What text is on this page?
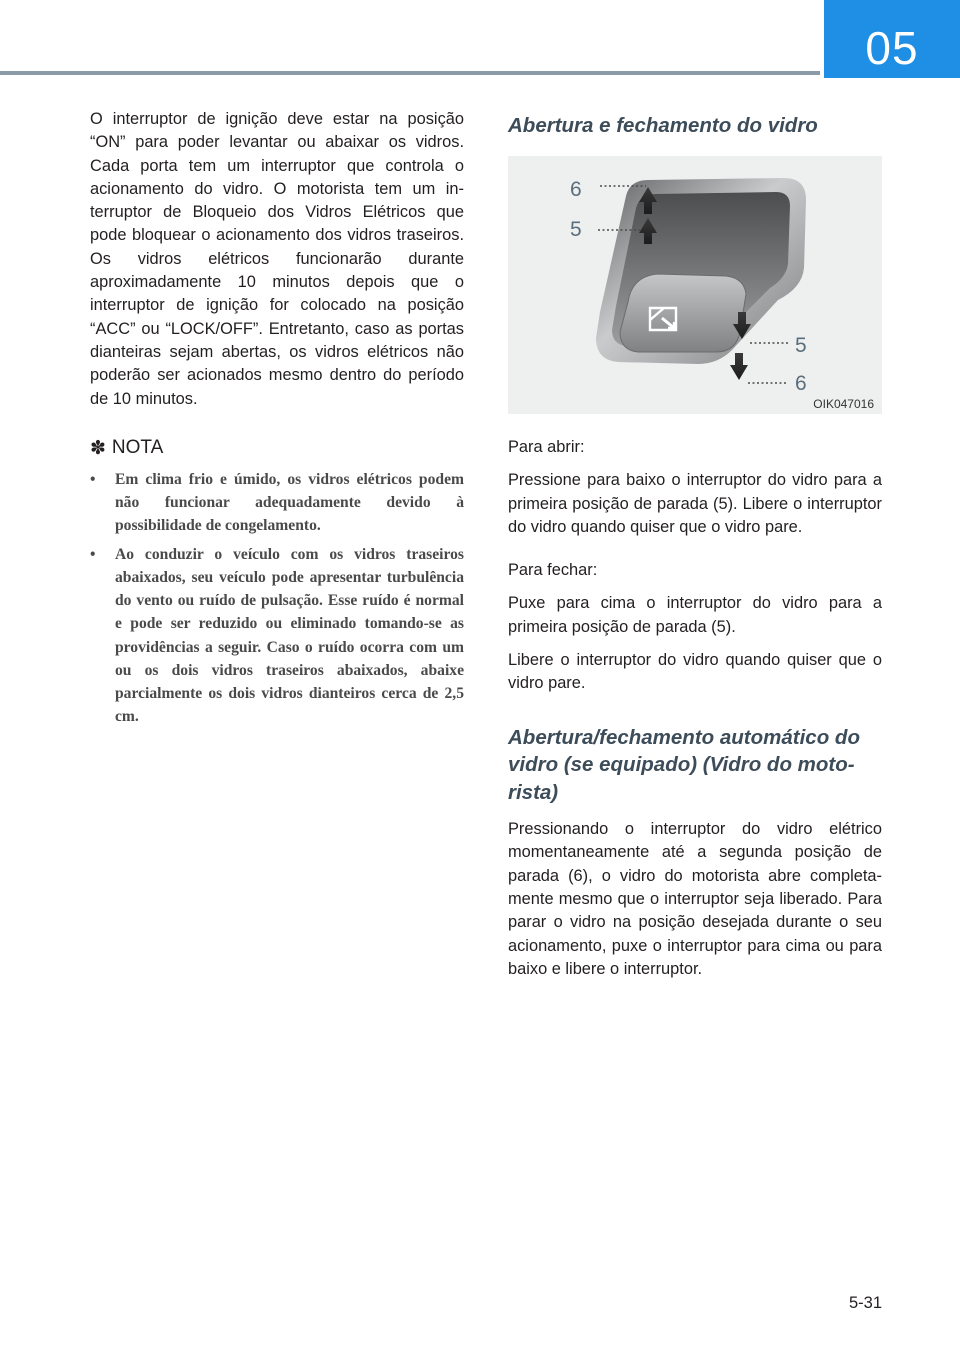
05

O interruptor de ignição deve estar na posição “ON” para poder levantar ou abaixar os vidros. Cada porta tem um interruptor que controla o acionamento do vidro. O motorista tem um interruptor de Bloqueio dos Vidros Elétricos que pode bloquear o acionamento dos vidros traseiros. Os vidros elétricos funcionarão durante aproximadamente 10 minutos depois que o interruptor de ignição for colocado na posição “ACC” ou “LOCK/OFF”. Entretanto, caso as portas dianteiras sejam abertas, os vidros elétricos não poderão ser acionados mesmo dentro do período de 10 minutos.

✽ NOTA
• Em clima frio e úmido, os vidros elétricos podem não funcionar adequadamente devido à possibilidade de congelamento.
• Ao conduzir o veículo com os vidros traseiros abaixados, seu veículo pode apresentar turbulência do vento ou ruído de pulsação. Esse ruído é normal e pode ser reduzido ou eliminado tomando-se as providências a seguir. Caso o ruído ocorra com um ou os dois vidros traseiros abaixados, abaixe parcialmente os dois vidros dianteiros cerca de 2,5 cm.
Abertura e fechamento do vidro
6
5
5
6
OIK047016

Para abrir:

Pressione para baixo o interruptor do vidro para a primeira posição de parada (5). Libere o interruptor do vidro quando quiser que o vidro pare.

Para fechar:

Puxe para cima o interruptor do vidro para a primeira posição de parada (5).

Libere o interruptor do vidro quando quiser que o vidro pare.

Abertura/fechamento automático do vidro (se equipado) (Vidro do motorista)

Pressionando o interruptor do vidro elétrico momentaneamente até a segunda posição de parada (6), o vidro do motorista abre completamente mesmo que o interruptor seja liberado. Para parar o vidro na posição desejada durante o seu acionamento, puxe o interruptor para cima ou para baixo e libere o interruptor.

5-31
